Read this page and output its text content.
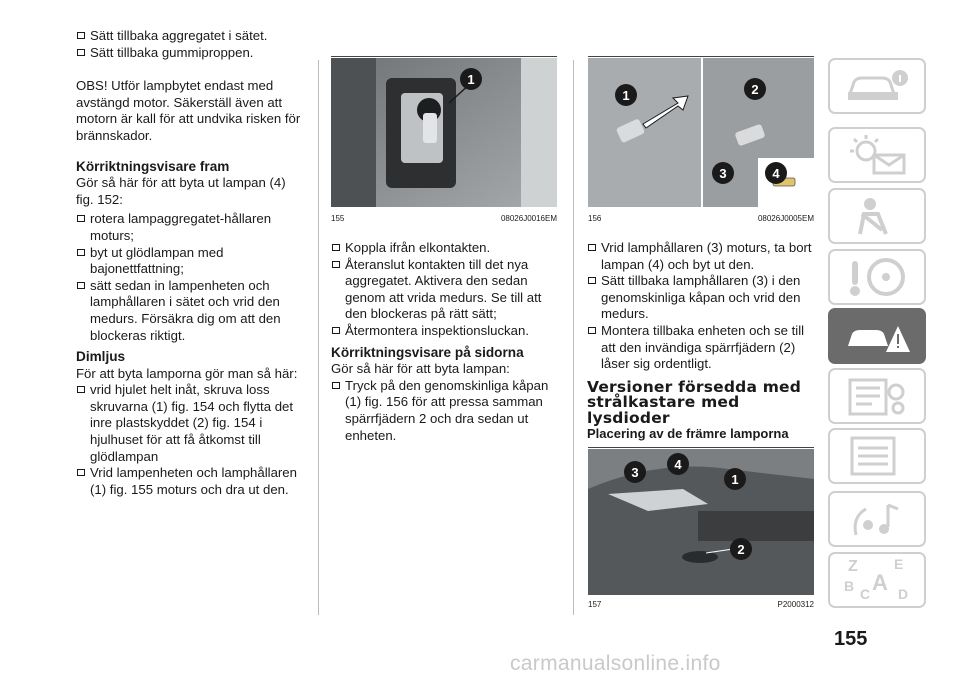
Sätt tillbaka aggregatet i sätet.

Sätt tillbaka gummiproppen.

OBS! Utför lampbytet endast med avstängd motor. Säkerställ även att motorn är kall för att undvika risken för brännskador.

Körriktningsvisare fram

Gör så här för att byta ut lampan (4) fig. 152:

rotera lampaggregatet-hållaren moturs;

byt ut glödlampan med bajonettfattning;

sätt sedan in lampenheten och lamphållaren i sätet och vrid den medurs. Försäkra dig om att den blockeras riktigt.

Dimljus

För att byta lamporna gör man så här:

vrid hjulet helt inåt, skruva loss skruvarna (1) fig. 154 och flytta det inre plastskyddet (2) fig. 154 i hjulhuset för att få åtkomst till glödlampan

Vrid lampenheten och lamphållaren (1) fig. 155 moturs och dra ut den.

1
155	08026J0016EM

Koppla ifrån elkontakten.

Återanslut kontakten till det nya aggregatet. Aktivera den sedan genom att vrida medurs. Se till att den blockeras på rätt sätt;

Återmontera inspektionsluckan.

Körriktningsvisare på sidorna

Gör så här för att byta lampan:

Tryck på den genomskinliga kåpan (1) fig. 156 för att pressa samman spärrfjädern 2 och dra sedan ut enheten.

1	2
3	4
156	08026J0005EM

Vrid lamphållaren (3) moturs, ta bort lampan (4) och byt ut den.

Sätt tillbaka lamphållaren (3) i den genomskinliga kåpan och vrid den medurs.

Montera tillbaka enheten och se till att den invändiga spärrfjädern (2) låser sig ordentligt.

Versioner försedda med strålkastare med lysdioder

Placering av de främre lamporna

3
4
1
2
157	P2000312
Z	E
B A
C D
155
carmanualsonline.info
